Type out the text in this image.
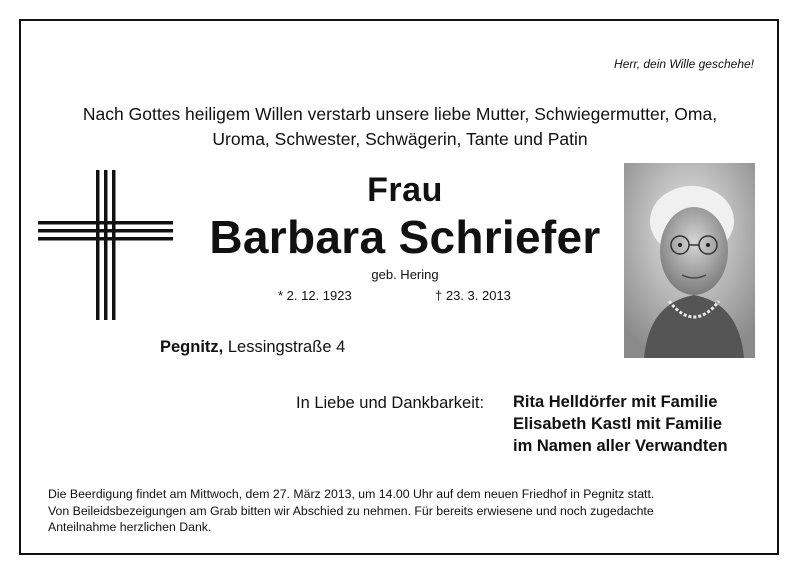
Herr, dein Wille geschehe!
Nach Gottes heiligem Willen verstarb unsere liebe Mutter, Schwiegermutter, Oma,
Uroma, Schwester, Schwägerin, Tante und Patin
Frau
Barbara Schriefer
geb. Hering
* 2. 12. 1923	† 23. 3. 2013
Pegnitz, Lessingstraße 4
In Liebe und Dankbarkeit: Rita Helldörfer mit Familie
Elisabeth Kastl mit Familie
im Namen aller Verwandten
Die Beerdigung findet am Mittwoch, dem 27. März 2013, um 14.00 Uhr auf dem neuen Friedhof in Pegnitz statt.
Von Beileidsbezeigungen am Grab bitten wir Abschied zu nehmen. Für bereits erwiesene und noch zugedachte
Anteilnahme herzlichen Dank.
